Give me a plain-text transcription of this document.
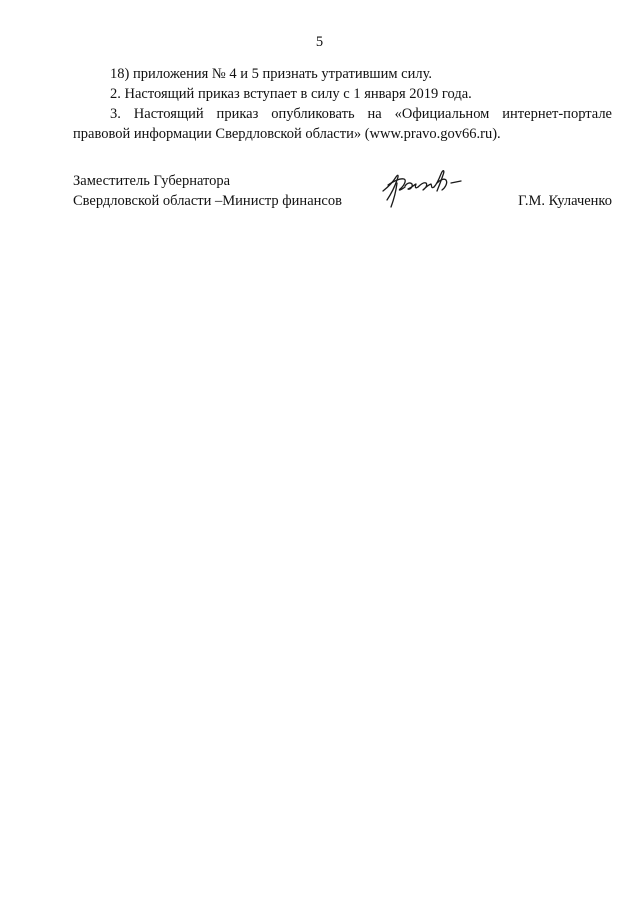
5

18) приложения № 4 и 5 признать утратившим силу.

2. Настоящий приказ вступает в силу с 1 января 2019 года.

3. Настоящий приказ опубликовать на «Официальном интернет-портале

правовой информации Свердловской области» (www.pravo.gov66.ru).

Заместитель Губернатора
Свердловской области –Министр финансов	Г.М. Кулаченко
